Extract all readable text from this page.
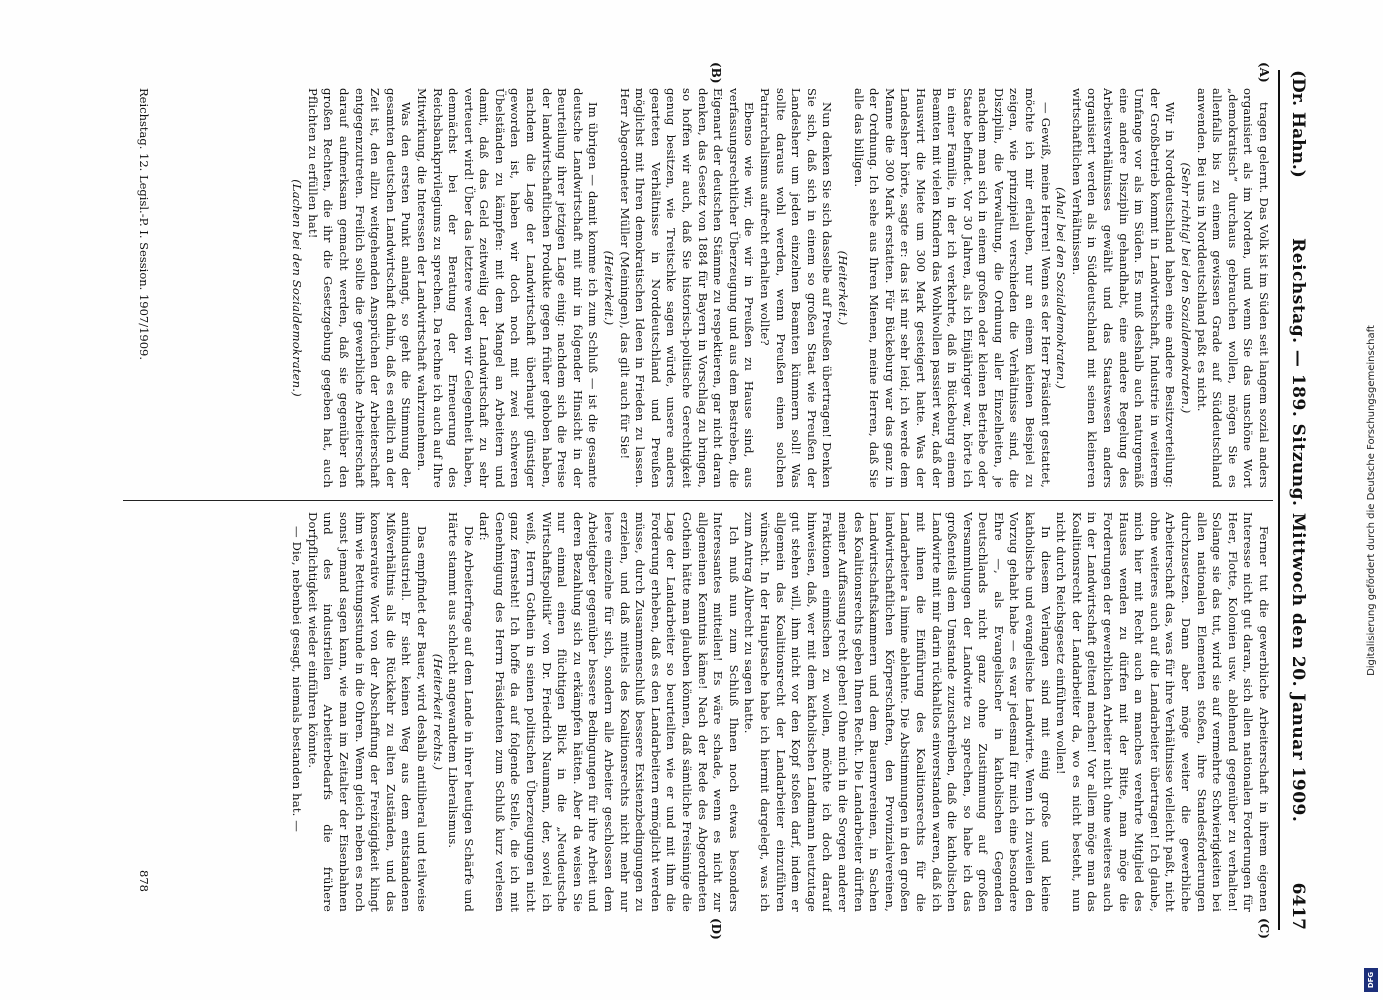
(Dr. Hahn.)
Reichstag. — 189. Sitzung. Mittwoch den 20. Januar 1909.
6417
(A)
(B)
(C)
(D)

tragen gelernt. Das Volk ist im Süden seit langem sozial anders organisiert als im Norden, und wenn Sie das unschöne Wort „demokratisch“ durchaus gebrauchen wollen, mögen Sie es allenfalls bis zu einem gewissen Grade auf Süddeutschland anwenden. Bei uns in Norddeutschland paßt es nicht.

(Sehr richtig! bei den Sozialdemokraten.)

Wir in Norddeutschland haben eine andere Besitzverteilung: der Großbetrieb kommt in Landwirtschaft, Industrie in weiterem Umfange vor als im Süden. Es muß deshalb auch naturgemäß eine andere Disziplin gehandhabt, eine andere Regelung des Arbeitsverhältnisses gewählt und das Staatswesen anders organisiert werden als in Süddeutschland mit seinen kleineren wirtschaftlichen Verhältnissen.

(Aha! bei den Sozialdemokraten.)

— Gewiß, meine Herren! Wenn es der Herr Präsident gestattet, möchte ich mir erlauben, nur an einem kleinen Beispiel zu zeigen, wie prinzipiell verschieden die Verhältnisse sind, die Disziplin, die Verwaltung, die Ordnung aller Einzelheiten, je nachdem man sich in einem großen oder kleinen Betriebe oder Staate befindet. Vor 30 Jahren, als ich Einjähriger war, hörte ich in einer Familie, in der ich verkehrte, daß in Bückeburg einem Beamten mit vielen Kindern das Wohlwollen passiert war, daß der Hauswirt die Miete um 300 Mark gesteigert hatte. Was der Landesherr hörte, sagte er: das ist mir sehr leid; ich werde dem Manne die 300 Mark erstatten. Für Bückeburg war das ganz in der Ordnung. Ich sehe aus Ihren Mienen, meine Herren, daß Sie alle das billigen.

(Heiterkeit.)

Nun denken Sie sich dasselbe auf Preußen übertragen! Denken Sie sich, daß sich in einem so großen Staat wie Preußen der Landesherr um jeden einzelnen Beamten kümmern soll! Was sollte daraus wohl werden, wenn Preußen einen solchen Patriarchalismus aufrecht erhalten wollte?

Ebenso wie wir, die wir in Preußen zu Hause sind, aus verfassungsrechtlicher Überzeugung und aus dem Bestreben, die Eigenart der deutschen Stämme zu respektieren, gar nicht daran denken, das Gesetz von 1884 für Bayern in Vorschlag zu bringen, so hoffen wir auch, daß Sie historisch-politische Gerechtigkeit genug besitzen, wie Treitschke sagen würde, unsere anders gearteten Verhältnisse in Norddeutschland und Preußen möglichst mit Ihren demokratischen Ideen in Frieden zu lassen. Herr Abgeordneter Müller (Meiningen), das gilt auch für Sie!

(Heiterkeit.)

Im übrigen — damit komme ich zum Schluß — ist die gesamte deutsche Landwirtschaft mit mir in folgender Hinsicht in der Beurteilung ihrer jetzigen Lage einig: nachdem sich die Preise der landwirtschaftlichen Produkte gegen früher gehoben haben, nachdem die Lage der Landwirtschaft überhaupt günstiger geworden ist, haben wir doch noch mit zwei schweren Übelständen zu kämpfen: mit dem Mangel an Arbeitern und damit, daß das Geld zeitweilig der Landwirtschaft zu sehr verteuert wird! Über das letztere werden wir Gelegenheit haben, demnächst bei der Beratung der Erneuerung des Reichsbankprivilegiums zu sprechen. Da rechne ich auch auf Ihre Mitwirkung, die Interessen der Landwirtschaft wahrzunehmen.

Was den ersten Punkt anlangt, so geht die Stimmung der gesamten deutschen Landwirtschaft dahin, daß es endlich an der Zeit ist, den allzu weitgehenden Ansprüchen der Arbeiterschaft entgegenzutreten. Freilich sollte die gewerbliche Arbeiterschaft darauf aufmerksam gemacht werden, daß sie gegenüber den großen Rechten, die ihr die Gesetzgebung gegeben hat, auch Pflichten zu erfüllen hat!

(Lachen bei den Sozialdemokraten.)

Ferner tut die gewerbliche Arbeiterschaft in ihrem eigenen Interesse nicht gut daran, sich allen nationalen Forderungen für Heer, Flotte, Kolonien usw. ablehnend gegenüber zu verhalten! Solange sie das tut, wird sie auf vermehrte Schwierigkeiten bei allen nationalen Elementen stoßen, ihre Standesforderungen durchzusetzen. Dann aber möge weiter die gewerbliche Arbeiterschaft das, was für ihre Verhältnisse vielleicht paßt, nicht ohne weiteres auch auf die Landarbeiter übertragen! Ich glaube, mich hier mit Recht auch an manches verehrte Mitglied des Hauses wenden zu dürfen mit der Bitte, man möge die Forderungen der gewerblichen Arbeiter nicht ohne weiteres auch in der Landwirtschaft geltend machen! Vor allem möge man das Koalitionsrecht der Landarbeiter da, wo es nicht besteht, nun nicht durch Reichsgesetz einführen wollen!

In diesem Verlangen sind mit einig große und kleine katholische und evangelische Landwirte. Wenn ich zuweilen den Vorzug gehabt habe — es war jedesmal für mich eine besondere Ehre —, als Evangelischer in katholischen Gegenden Deutschlands nicht ganz ohne Zustimmung auf großen Versammlungen der Landwirte zu sprechen, so habe ich das großenteils dem Umstande zuzuschreiben, daß die katholischen Landwirte mit mir darin rückhaltlos einverstanden waren, daß ich mit ihnen die Einführung des Koalitionsrechts für die Landarbeiter a limine ablehnte. Die Abstimmungen in den großen landwirtschaftlichen Körperschaften, den Provinzialvereinen, Landwirtschaftskammern und dem Bauernvereinen, in Sachen des Koalitionsrechts geben Ihnen Recht. Die Landarbeiter dürften meiner Auffassung recht geben! Ohne mich in die Sorgen anderer Fraktionen einmischen zu wollen, möchte ich doch darauf hinweisen, daß, wer mit dem katholischen Landmann heutzutage gut stehen will, ihm nicht vor den Kopf stoßen darf, indem er allgemein das Koalitionsrecht der Landarbeiter einzuführen wünscht. In der Hauptsache habe ich hiermit dargelegt, was ich zum Antrag Albrecht zu sagen hatte.

Ich muß nun zum Schluß Ihnen noch etwas besonders Interessantes mitteilen! Es wäre schade, wenn es nicht zur allgemeinen Kenntnis käme! Nach der Rede des Abgeordneten Gothein hätte man glauben können, daß sämtliche Freisinnige die Lage der Landarbeiter so beurteilten wie er und mit ihm die Forderung erheben, daß es den Landarbeitern ermöglicht werden müsse, durch Zusammenschluß bessere Existenzbedingungen zu erzielen, und daß mittels des Koalitionsrechts nicht mehr nur leere einzelne für sich, sondern alle Arbeiter geschlossen dem Arbeitgeber gegenüber bessere Bedingungen für ihre Arbeit und deren Bezahlung sich zu erkämpfen hätten. Aber da weisen Sie nur einmal einen flüchtigen Blick in die „Neudeutsche Wirtschaftspolitik“ von Dr. Friedrich Naumann, der, soviel ich weiß, Herrn Gothein in seinen politischen Überzeugungen nicht ganz fernsteht! Ich hoffe da auf folgende Stelle, die ich mit Genehmigung des Herrn Präsidenten zum Schluß kurz verlesen darf:

Die Arbeiterfrage auf dem Lande in ihrer heutigen Schärfe und Härte stammt aus schlecht angewandtem Liberalismus.

(Heiterkeit rechts.)

Das empfindet der Bauer, wird deshalb antiliberal und teilweise antiindustriell. Er sieht keinen Weg aus dem entstandenen Mißverhältnis als die Rückkehr zu alten Zuständen, und das konservative Wort von der Abschaffung der Freizügigkeit klingt ihm wie Rettungsstunde in die Ohren. Wenn gleich neben es noch sonst jemand sagen kann, wie man im Zeitalter der Eisenbahnen und des industriellen Arbeiterbedarfs die frühere Dorfpflichtigkeit wieder einführen könnte.

— Die, nebenbei gesagt, niemals bestanden hat. —

Reichstag. 12. Legisl.-P. I. Session. 1907/1909.
878
Digitalisierung gefördert durch die Deutsche Forschungsgemeinschaft
DFG
